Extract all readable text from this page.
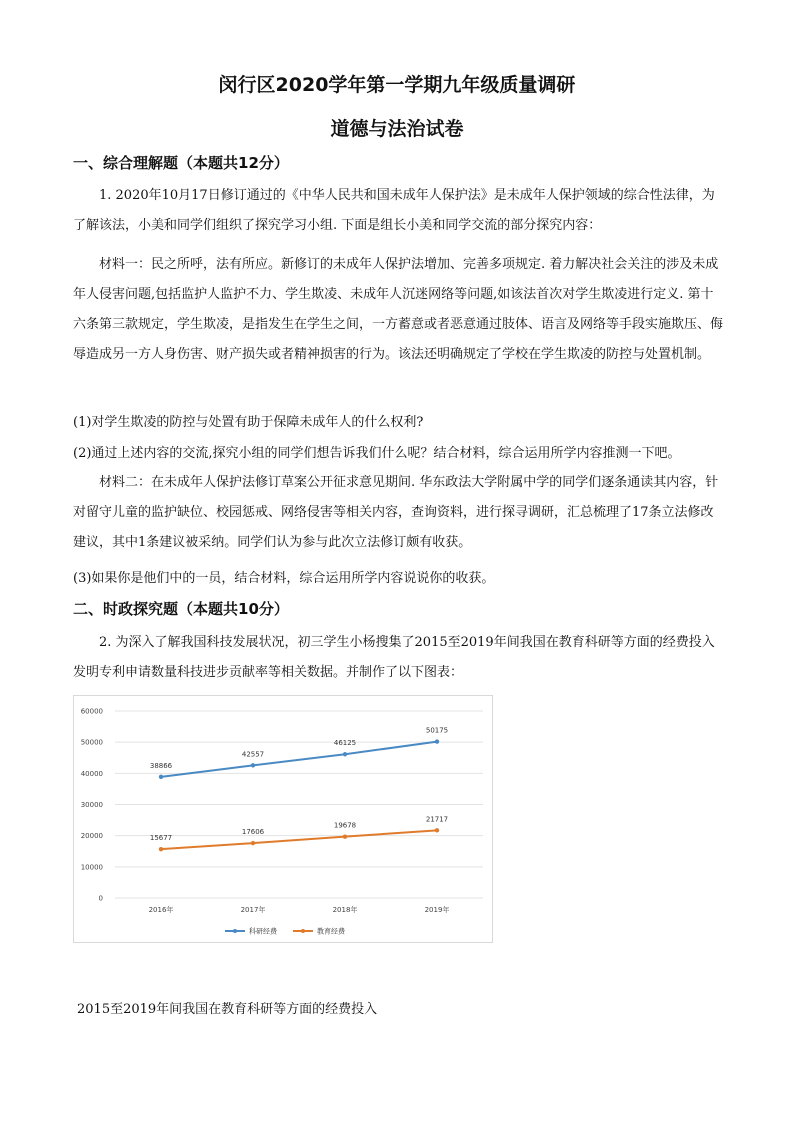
闵行区2020学年第一学期九年级质量调研
道德与法治试卷
一、综合理解题（本题共12分）

1. 2020年10月17日修订通过的《中华人民共和国未成年人保护法》是未成年人保护领域的综合性法律，为了解该法，小美和同学们组织了探究学习小组. 下面是组长小美和同学交流的部分探究内容：

材料一：民之所呼，法有所应。新修订的未成年人保护法增加、完善多项规定. 着力解决社会关注的涉及未成年人侵害问题,包括监护人监护不力、学生欺凌、未成年人沉迷网络等问题,如该法首次对学生欺凌进行定义. 第十六条第三款规定，学生欺凌，是指发生在学生之间，一方蓄意或者恶意通过肢体、语言及网络等手段实施欺压、侮辱造成另一方人身伤害、财产损失或者精神损害的行为。该法还明确规定了学校在学生欺凌的防控与处置机制。

(1)对学生欺凌的防控与处置有助于保障未成年人的什么权利?

(2)通过上述内容的交流,探究小组的同学们想告诉我们什么呢？结合材料，综合运用所学内容推测一下吧。

材料二：在未成年人保护法修订草案公开征求意见期间. 华东政法大学附属中学的同学们逐条通读其内容，针对留守儿童的监护缺位、校园惩戒、网络侵害等相关内容，查询资料，进行探寻调研，汇总梳理了17条立法修改建议，其中1条建议被采纳。同学们认为参与此次立法修订颇有收获。

(3)如果你是他们中的一员，结合材料，综合运用所学内容说说你的收获。

二、时政探究题（本题共10分）

2. 为深入了解我国科技发展状况，初三学生小杨搜集了2015至2019年间我国在教育科研等方面的经费投入发明专利申请数量科技进步贡献率等相关数据。并制作了以下图表：

0
10000
20000
30000
40000
50000
60000
2016年	2017年	2018年	2019年
38866
42557
46125
50175
15677
17606
19678
21717
科研经费	教育经费
2015至2019年间我国在教育科研等方面的经费投入
